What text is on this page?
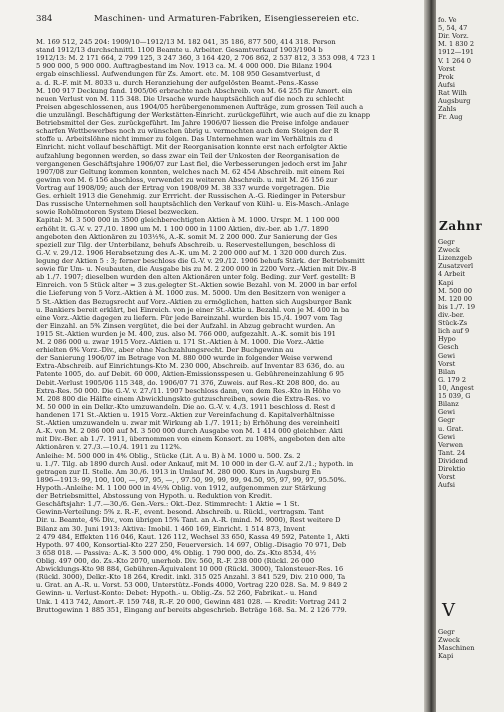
384	Maschinen- und Armaturen-Fabriken, Eisengiessereien etc.
M. 169 512, 245 204: 1909/10—1912/13 M. 182 041, 35 186, 877 500, 414 318. Person
stand 1912/13 durchschnittl. 1100 Beamte u. Arbeiter. Gesamtverkauf 1903/1904 b
1912/13: M. 2 171 664, 2 799 125, 3 247 360, 3 164 420, 2 706 862, 2 537 812, 3 353 098, 4 723 1
5 900 000, 5 900 000. Auftragbestand im Nov. 1913 ca. M. 4 000 000. Die Bilanz 1904
ergab einschliessl. Aufwendungen für Zs. Amort. etc. M. 108 950 Gesamtverlust, d
a. d. R.-F. mit M. 8033 u. durch Heranziehung der aufgelösten Beamt.-Pens.-Kasse
M. 100 917 Deckung fand. 1905/06 erbrachte nach Abschreib. von M. 64 255 für Amort. ein
neuen Verlust von M. 115 348. Die Ursache wurde hauptsächlich auf die noch zu schlecht
Preisen abgeschlossenen, aus 1904/05 herübergenommenen Aufträge, zum grossen Teil auch a
die unzulängl. Beschäftigung der Werkstätten-Einricht. zurückgeführt, wie auch auf die zu knapp
Betriebsmittel der Ges. zurückgeführt. Im Jahre 1906/07 liessen die Preise infolge andauer
scharfen Wettbewerbes noch zu wünschen übrig u. vermochten auch dem Steigen der R
stoffe u. Arbeitslöhne nicht immer zu folgen. Das Unternehmen war im Verhältnis zu d
Einricht. nicht vollauf beschäftigt. Mit der Reorganisation konnte erst nach erfolgter Aktie
aufzahlung begonnen werden, so dass zwar ein Teil der Unkosten der Reorganisation de
vergangenen Geschäftsjahre 1906/07 zur Last fiel, die Verbesserungen jedoch erst im Jahr
1907/08 zur Geltung kommen konnten, welches nach M. 62 454 Abschreib. mit einem Rei
gewinn von M. 6 156 abschloss, verwendet zu weiteren Abschreib. u. mit M. 26 156 zur
Vortrag auf 1908/09; auch der Ertrag von 1908/09 M. 38 337 wurde vorgetragen. Die
Ges. erhielt 1913 die Genehmig. zur Errricht. der Russischen A.-G. Riedinger in Petersbur
Das russische Unternehmen soll hauptsächlich den Verkauf von Kühl- u. Eis-Masch.-Anlage
sowie Rohölmotoren System Diesel bezwecken.
Kapital: M. 3 500 000 in 3500 gleichberechtigten Aktien à M. 1000. Urspr. M. 1 100 000
erhöht lt. G.-V. v. 27./10. 1890 um M. 1 100 000 in 1100 Aktien, div.-ber. ab 1./7. 1890
angeboten den Aktionären zu 103⅓%, A.-K. somit M. 2 200 000. Zur Sanierung der Ges
speziell zur Tilg. der Unterbilanz, behufs Abschreib. u. Reservestellungen, beschloss di
G.-V. v. 29./12. 1906 Herabsetzung des A.-K. um M. 2 200 000 auf M. 1 320 000 durch Zus.
legung der Aktien 5 : 3; ferner beschloss die G.-V. v. 29./12. 1906 behufs Stärk. der Betriebsmitt
sowie für Um- u. Neubauten, die Ausgabe bis zu M. 2 200 000 in 2200 Vorz.-Aktien mit Div.-B
ab 1./7. 1907; dieselben wurden den alten Aktionären unter folg. Beding. zur Verf. gestellt: B
Einreich. von 5 Stück alter = 3 zus.gelegter St.-Aktien sowie Bezahl. von M. 2000 in bar erfol
die Lieferung von 5 Vorz.-Aktien à M. 1000 zus. M. 5000. Um den Besitzern von weniger a
5 St.-Aktien das Bezugsrecht auf Vorz.-Aktien zu ermöglichen, hatten sich Augsburger Bank
u. Bankiers bereit erklärt, bei Einreich. von je einer St.-Aktie u. Bezahl. von je M. 400 in ba
eine Vorz.-Aktie dagegen zu liefern. Für jede Bareinzahl. wurden bis 15./4. 1907 vom Tag
der Einzahl. an 5% Zinsen vergütet, die bei der Aufzahl. in Abzug gebracht wurden. An
1915 St.-Aktien wurden je M. 400, zus. also M. 766 000, aufgezahlt. A.-K. somit bis 191
M. 2 086 000 u. zwar 1915 Vorz.-Aktien u. 171 St.-Aktien à M. 1000. Die Vorz.-Aktie
erhielten 6% Vorz.-Div., aber ohne Nachzahlungsrecht. Der Buchgewinn au
der Sanierung 1906/07 im Betrage von M. 880 000 wurde in folgender Weise verwend
Extra-Abschreib. auf Einrichtungs-Kto M. 230 000, Abschreib. auf Inventar 83 636, do. au
Patente 1005, do. auf Debit. 60 000, Aktien-Emissionsspesen u. Gebühreneinzahlung 6 95
Debit.-Verlust 1905/06 115 348, do. 1906/07 71 376, Zuweis. auf Res.-Kt 208 800, do. au
Extra-Res. 50 000. Die G.-V. v. 27./11. 1907 beschloss dann, von dem Res.-Kto in Höhe vo
M. 208 800 die Hälfte einem Abwicklungskto gutzuschreiben, sowie die Extra-Res. vo
M. 50 000 in ein Delkr.-Kto umzuwandeln. Die ao. G.-V. v. 4./3. 1911 beschloss d. Rest d
handenen 171 St.-Aktien u. 1915 Vorz.-Aktien zur Vereinfachung d. Kapitalverhältnisse
St.-Aktien umzuwandeln u. zwar mit Wirkung ab 1./7. 1911; b) Erhöhung des vereinheitl
A.-K. von M. 2 086 000 auf M. 3 500 000 durch Ausgabe von M. 1 414 000 gleichber. Akti
mit Div.-Ber. ab 1./7. 1911, übernommen von einem Konsort. zu 108%, angeboten den alte
Aktionären v. 27./3.—10./4. 1911 zu 112%.
Anleihe: M. 500 000 in 4% Oblig., Stücke (Lit. A u. B) à M. 1000 u. 500. Zs. 2
u. 1./7. Tilg. ab 1890 durch Ausl. oder Ankauf, mit M. 10 000 in der G.-V. auf 2./1.; hypoth. in
getragen zur II. Stelle. Am 30./6. 1913 in Umlauf M. 280 000. Kurs in Augsburg En
1896—1913: 99, 100, 100, —, 97, 95, —, , 97.50, 99, 99, 99, 94.50, 95, 97, 99, 97, 95.50%.
Hypoth.-Anleihe: M. 1 100 000 in 4½% Oblig. von 1912, aufgenommen zur Stärkung
der Betriebsmittel, Abstossung von Hypoth. u. Reduktion von Kredit.
Geschäftsjahr: 1./7.—30./6. Gen.-Vers.: Okt.-Dez. Stimmrecht: 1 Aktie = 1 St.
Gewinn-Verteilung: 5% z. R.-F., event. besond. Abschreib. u. Rückl., vertragsm. Tant
Dir. u. Beamte, 4% Div., vom übrigen 15% Tant. an A.-R. (mind. M. 9000), Rest weitere D
Bilanz am 30. Juni 1913: Aktiva: Imobil. 1 460 169, Einricht. 1 514 873, Invent
2 479 484, Effekten 116 046, Kaut. 126 112, Wechsel 33 650, Kassa 49 592, Patente 1, Akti
Hypoth. 97 400, Konsortial-Kto 227 250, Feuerversich. 14 697, Oblig.-Disagio 70 971, Deb
3 658 018. — Passiva: A.-K. 3 500 000, 4% Oblig. 1 790 000, do. Zs.-Kto 8534, 4½
Oblig. 497 000, do. Zs.-Kto 2070, unerhob. Div. 560, R.-F. 238 000 (Rückl. 26 000
Abwicklungs-Kto 98 884, Gebühren-Äquivalent 10 000 (Rückl. 3000), Talonsteuer-Res. 16
(Rückl. 3000), Delkr.-Kto 18 264, Kredit. inkl. 315 025 Anzahl. 3 841 529, Div. 210 000, Ta
u. Grat. an A.-R. u. Vorst. 53 000, Unterstütz.-Fonds 4000, Vortrag 220 028. Sa. M. 9 849 2
Gewinn- u. Verlust-Konto: Debet: Hypoth.- u. Oblig.-Zs. 52 260, Fabrikat.- u. Hand
Unk. 1 413 742, Amort.-F. 159 748, R.-F. 20 000, Gewinn 481 028. — Kredit: Vortrag 241 2
Bruttogewinn 1 885 351, Eingang auf bereits abgeschrieb. Beträge 168. Sa. M. 2 126 779.
fo. Ve
5, 54, 47
Dir. Vorz.
M. 1 830 2
1912—191
V. 1 264 0
Vorst
Prok
Aufsi
Rat Wilh
Augsburg
Zahls
Fr. Aug
Zahnr
Gegr
Zweck
Lizenzgeb
Zusatzverl
4 Arbeit
Kapi
M. 500 00
M. 120 00
bis 1./7. 19
div.-ber.
Stück-Zs
lich auf 9
Hypo
Gesch
Gewi
Vorst
Bilan
G. 179 2
10, Angest
15 039, G
Bilanz
Gewi
Gegr
u. Grat.
Gewi
Verwen
Tant. 24
Dividend
Direktio
Vorst
Aufsi
V
Gegr
Zweck
Maschinen
Kapi
